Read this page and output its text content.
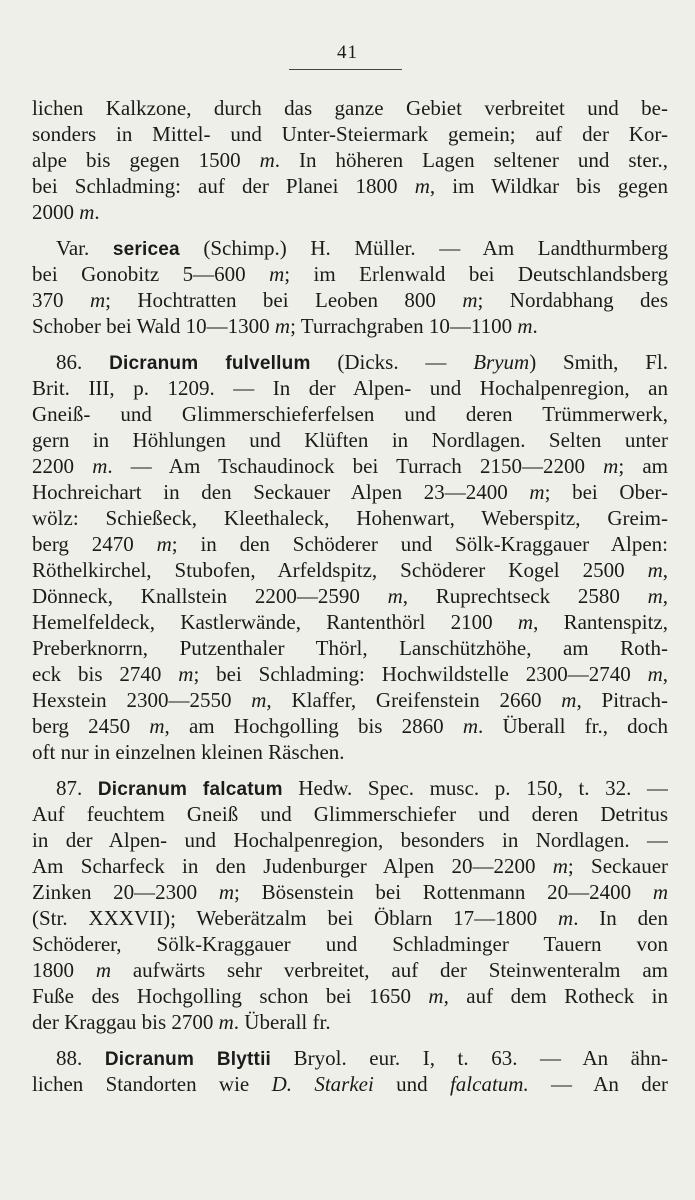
41

lichen Kalkzone, durch das ganze Gebiet verbreitet und be-
sonders in Mittel- und Unter-Steiermark gemein; auf der Kor-
alpe bis gegen 1500 m. In höheren Lagen seltener und ster.,
bei Schladming: auf der Planei 1800 m, im Wildkar bis gegen
2000 m.

Var. sericea (Schimp.) H. Müller. — Am Landthurmberg
bei Gonobitz 5—600 m; im Erlenwald bei Deutschlandsberg
370 m; Hochtratten bei Leoben 800 m; Nordabhang des
Schober bei Wald 10—1300 m; Turrachgraben 10—1100 m.

86. Dicranum fulvellum (Dicks. — Bryum) Smith, Fl.
Brit. III, p. 1209. — In der Alpen- und Hochalpenregion, an
Gneiß- und Glimmerschieferfelsen und deren Trümmerwerk,
gern in Höhlungen und Klüften in Nordlagen. Selten unter
2200 m. — Am Tschaudinock bei Turrach 2150—2200 m; am
Hochreichart in den Seckauer Alpen 23—2400 m; bei Ober-
wölz: Schießeck, Kleethaleck, Hohenwart, Weberspitz, Greim-
berg 2470 m; in den Schöderer und Sölk-Kraggauer Alpen:
Röthelkirchel, Stubofen, Arfeldspitz, Schöderer Kogel 2500 m,
Dönneck, Knallstein 2200—2590 m, Ruprechtseck 2580 m,
Hemelfeldeck, Kastlerwände, Rantenthörl 2100 m, Rantenspitz,
Preberknorrn, Putzenthaler Thörl, Lanschützhöhe, am Roth-
eck bis 2740 m; bei Schladming: Hochwildstelle 2300—2740 m,
Hexstein 2300—2550 m, Klaffer, Greifenstein 2660 m, Pitrach-
berg 2450 m, am Hochgolling bis 2860 m. Überall fr., doch
oft nur in einzelnen kleinen Räschen.

87. Dicranum falcatum Hedw. Spec. musc. p. 150, t. 32. —
Auf feuchtem Gneiß und Glimmerschiefer und deren Detritus
in der Alpen- und Hochalpenregion, besonders in Nordlagen. —
Am Scharfeck in den Judenburger Alpen 20—2200 m; Seckauer
Zinken 20—2300 m; Bösenstein bei Rottenmann 20—2400 m
(Str. XXXVII); Weberätzalm bei Öblarn 17—1800 m. In den
Schöderer, Sölk-Kraggauer und Schladminger Tauern von
1800 m aufwärts sehr verbreitet, auf der Steinwenteralm am
Fuße des Hochgolling schon bei 1650 m, auf dem Rotheck in
der Kraggau bis 2700 m. Überall fr.

88. Dicranum Blyttii Bryol. eur. I, t. 63. — An ähn-
lichen Standorten wie D. Starkei und falcatum. — An der
